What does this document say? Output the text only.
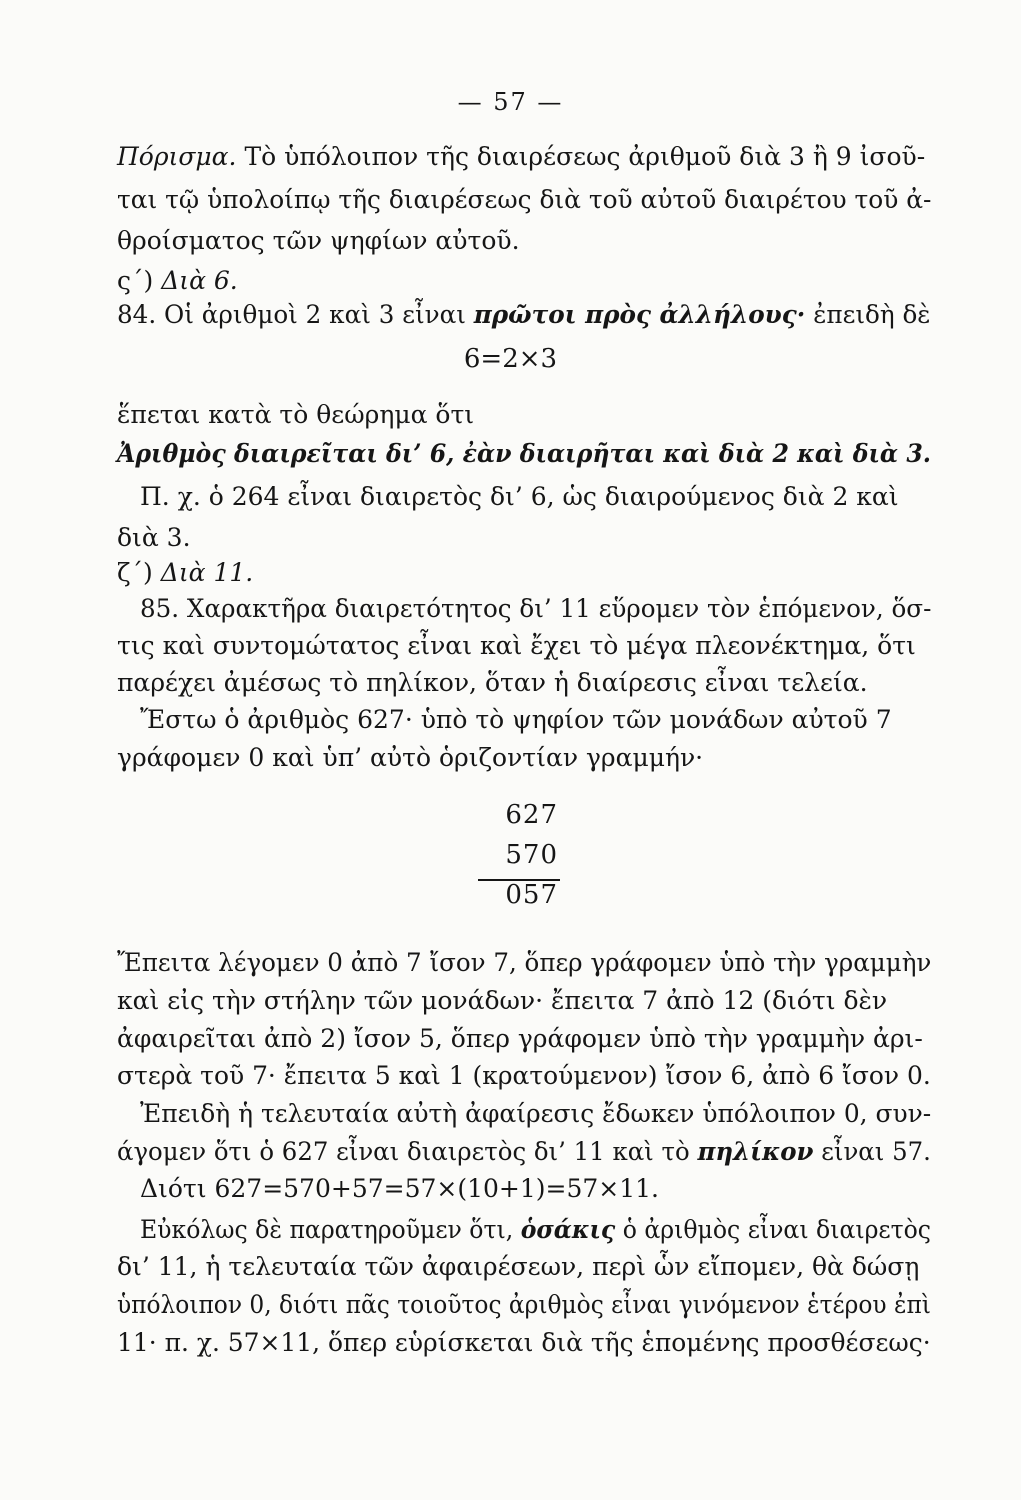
— 57 —
Πόρισμα. Τὸ ὑπόλοιπον τῆς διαιρέσεως ἀριθμοῦ διὰ 3 ἢ 9 ἰσοῦ-
ται τῷ ὑπολοίπῳ τῆς διαιρέσεως διὰ τοῦ αὐτοῦ διαιρέτου τοῦ ἀ-
θροίσματος τῶν ψηφίων αὐτοῦ.
ς´) Διὰ 6.
84. Οἱ ἀριθμοὶ 2 καὶ 3 εἶναι πρῶτοι πρὸς ἀλλήλους· ἐπειδὴ δὲ
6=2×3
ἕπεται κατὰ τὸ θεώρημα ὅτι
Ἀριθμὸς διαιρεῖται δι’ 6, ἐὰν διαιρῆται καὶ διὰ 2 καὶ διὰ 3.
Π. χ. ὁ 264 εἶναι διαιρετὸς δι’ 6, ὡς διαιρούμενος διὰ 2 καὶ
διὰ 3.
ζ´) Διὰ 11.
85. Χαρακτῆρα διαιρετότητος δι’ 11 εὕρομεν τὸν ἑπόμενον, ὅσ-
τις καὶ συντομώτατος εἶναι καὶ ἔχει τὸ μέγα πλεονέκτημα, ὅτι
παρέχει ἀμέσως τὸ πηλίκον, ὅταν ἡ διαίρεσις εἶναι τελεία.
Ἔστω ὁ ἀριθμὸς 627· ὑπὸ τὸ ψηφίον τῶν μονάδων αὐτοῦ 7
γράφομεν 0 καὶ ὑπ’ αὐτὸ ὁριζοντίαν γραμμήν·
627
570
057
Ἔπειτα λέγομεν 0 ἀπὸ 7 ἴσον 7, ὅπερ γράφομεν ὑπὸ τὴν γραμμὴν
καὶ εἰς τὴν στήλην τῶν μονάδων· ἔπειτα 7 ἀπὸ 12 (διότι δὲν
ἀφαιρεῖται ἀπὸ 2) ἴσον 5, ὅπερ γράφομεν ὑπὸ τὴν γραμμὴν ἀρι-
στερὰ τοῦ 7· ἔπειτα 5 καὶ 1 (κρατούμενον) ἴσον 6, ἀπὸ 6 ἴσον 0.
Ἐπειδὴ ἡ τελευταία αὐτὴ ἀφαίρεσις ἔδωκεν ὑπόλοιπον 0, συν-
άγομεν ὅτι ὁ 627 εἶναι διαιρετὸς δι’ 11 καὶ τὸ πηλίκον εἶναι 57.
Διότι 627=570+57=57×(10+1)=57×11.
Εὐκόλως δὲ παρατηροῦμεν ὅτι, ὁσάκις ὁ ἀριθμὸς εἶναι διαιρετὸς
δι’ 11, ἡ τελευταία τῶν ἀφαιρέσεων, περὶ ὧν εἴπομεν, θὰ δώσῃ
ὑπόλοιπον 0, διότι πᾶς τοιοῦτος ἀριθμὸς εἶναι γινόμενον ἑτέρου ἐπὶ
11· π. χ. 57×11, ὅπερ εὑρίσκεται διὰ τῆς ἑπομένης προσθέσεως·
